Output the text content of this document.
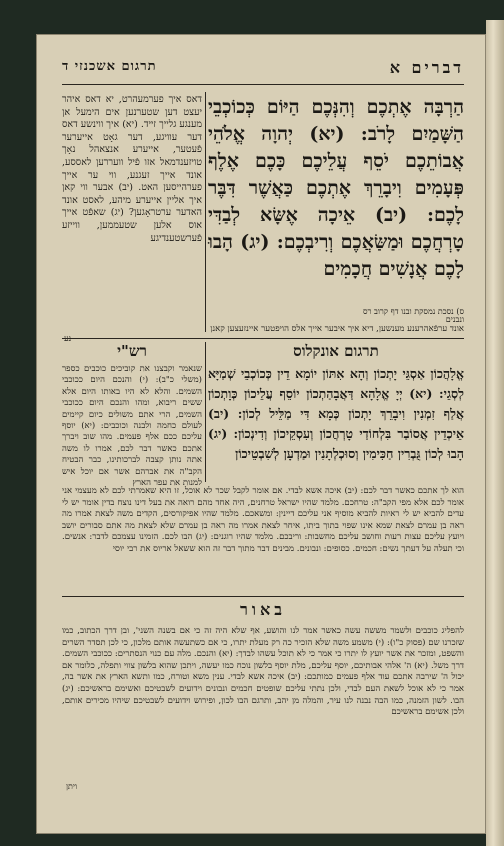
תרגום אשכנזי ד	דברים א
הַרְבָּה אֶתְכֶם וְהִנְּכֶם הַיּוֹם כְּכוֹכְבֵי הַשָּׁמַיִם לָרֹב: (יא) יְהוָה אֱלֹהֵי אֲבוֹתֵכֶם יֹסֵף עֲלֵיכֶם כָּכֶם אֶלֶף פְּעָמִים וִיבָרֵךְ אֶתְכֶם כַּאֲשֶׁר דִּבֶּר לָכֶם: (יב) אֵיכָה אֶשָּׂא לְבַדִּי טָרְחֲכֶם וּמַשַּׂאֲכֶם וְרִיבְכֶם: (יג) הָבוּ לָכֶם אֲנָשִׁים חֲכָמִים
דאס איך פערמעהרט, יא דאס איהר יעצט דען שטערנען אים הימעל אן מענגע גלייך זייד. (יא) איך ווינשע דאס דער עוויגע, דער גאָט אייערער פֿעטער, אייערע אנצאהל נאָך טויזענדמאל אזו פֿיל וועררען לאססע, אונד אייך זעגנע, ווי ער אייך פערהייסען האט. (יב) אבער ווי קאן איך אליין אייערע מיהע, לאסט אונד האדער ערטראָגען? (יג) שאפֿט אייך אוס אלען שטעממען, ווייזע פֿערשטענדיגע
ס) נסכת נמסקת ובנו דף קרוב רס
ונבנים
אונד ערפֿאהרענע מענשען, דיא איך איבער אייך אלס הויפטער איינזעצען קאנן
רש"י	תרגום אונקלוס
שנאמר וקבצנו את קוביכים כוכבים כספר (משלי כ"ב): (י) והנכם היום ככוכבי השמים. והלא לא היו באותו היום אלא ששים ריבוא, ומהו והנכם היום ככוכבי השמים, הרי אתם משולים כיום קיימים לעולם כחמה ולבנה וכוכבים: (יא) יוסף עליכם ככם אלף פעמים. מהו שוב ויברך אתכם כאשר דבר לכם, אמרו לו משה אתה נותן קצבה לברכותינו, כבר הבטיח הקב"ה את אברהם אשר אם יוכל איש למנות את עפר הארץ
אֱלָהֲכוֹן אַסְגֵּי יָתְכוֹן וְהָא אִתּוֹן יוֹמָא דֵין כְּכוֹכְבֵי שְׁמַיָּא לְסְגֵי: (יא) יְיָ אֱלָהָא דַּאֲבָהַתְכוֹן יוֹסֵף עֲלֵיכוֹן כְּוָתְכוֹן אֲלַף זִמְנִין וִיבָרֵךְ יָתְכוֹן כְּמָא דִּי מַלֵּיל לְכוֹן: (יב) אֵיכְדֵין אֲסוֹבַר בִּלְחוֹדַי טָרְחֲכוֹן וְעִסְקֵיכוֹן וְדִינְכוֹן: (יג) הָבוּ לְכוֹן גֻּבְרִין חַכִּימִין וְסוּכְלְתָנִין וּמַדְעָן לְשִׁבְטֵיכוֹן
הוא לך אתכם כאשר דבר לכם: (יב) איכה אשא לבדי. אם אומר לקבל שכר לא אוכל, זו היא שאמרתי לכם לא מעצמי אני אומר לכם אלא מפי הקב"ה: טרחכם. מלמד שהיו ישראל טרחנים, היה אחד מהם רואה את בעל דינו נוצח בדין אומר יש לי עדים להביא יש לי ראיות להביא מוסיף אני עליכם דיינין: ומשאכם. מלמד שהיו אפיקורסים, הקדים משה לצאת אמרו מה ראה בן עמרם לצאת שמא אינו שפוי בתוך ביתו, איחר לצאת אמרו מה ראה בן עמרם שלא לצאת מה אתם סבורים יושב ויועץ עליכם עצות רעות וחושב עליכם מחשבות: וריבכם. מלמד שהיו רוגנים: (יג) הבו לכם. הזמינו עצמכם לדבר: אנשים. וכי תעלה על דעתך נשים: חכמים. כסופים: ונבונים. מבינים דבר מתוך דבר זה הוא ששאל אריוס את רבי יוסי
באור
להפליג כוכבים ולשמר מששה עשה כאשר אמר לנו והושע, אף שלא היה זה כי אם בשנה השני', ובן דרך הכתוב, כמו שזכרנו שם (פסוק כ"ו): (י) משמע משה שלא הזכיר כה רק מעלת יתרו, כי אם כשתעשה אותם מלכון, כי לכן תסדר השרים והשפט, ומזכר את אשר יועץ לו יתרו כי אמר כי לא תוכל עשהו לבדך: (יא) והנכם. מלה עם כנוי הנסתרים: ככוכבי השמים. דרך משל. (יא) ה' אלהי אבותיכם, יוסף עליכם, מלת יוסף בלשון נוכח כמו יעשה, ויתכן שהוא בלשון צווי ותפלה, כלומר אם יכול ה' שירבה אתכם עוד אלף פעמים כמותכם: (יב) איכה אשא לבדי. ענין משא וטורח, כמו ותשא הארץ את אשר בה, אמר כי לא אוכל לשאת העם לבדי, ולכן נתתי עליכם שופטים חכמים ונבונים וידועים לשבטיכם ואשימם בראשיכם: (יג) הבו. לשון הזמנה, כמו הבה נבנה לנו עיר, והמלה מן יהב, ותרגם הבו לכון, ופירוש וידועים לשבטיכם שיהיו מכירים אותם, ולכן אשימם בראשיכם
ויתן
